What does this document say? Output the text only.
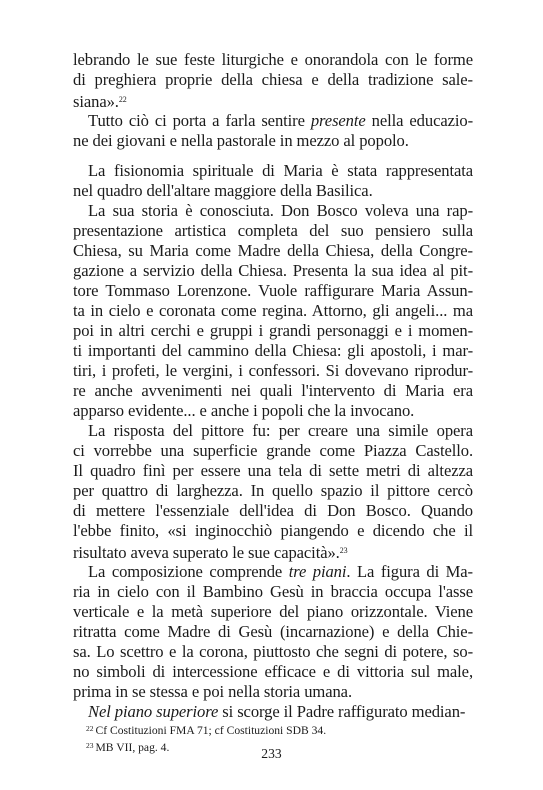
lebrando le sue feste liturgiche e onorandola con le forme
di preghiera proprie della chiesa e della tradizione sale-
siana».$^{22}$
Tutto ciò ci porta a farla sentire presente nella educazio-
ne dei giovani e nella pastorale in mezzo al popolo.
La fisionomia spirituale di Maria è stata rappresentata
nel quadro dell'altare maggiore della Basilica.
La sua storia è conosciuta. Don Bosco voleva una rap-
presentazione artistica completa del suo pensiero sulla
Chiesa, su Maria come Madre della Chiesa, della Congre-
gazione a servizio della Chiesa. Presenta la sua idea al pit-
tore Tommaso Lorenzone. Vuole raffigurare Maria Assun-
ta in cielo e coronata come regina. Attorno, gli angeli... ma
poi in altri cerchi e gruppi i grandi personaggi e i momen-
ti importanti del cammino della Chiesa: gli apostoli, i mar-
tiri, i profeti, le vergini, i confessori. Si dovevano riprodur-
re anche avvenimenti nei quali l'intervento di Maria era
apparso evidente... e anche i popoli che la invocano.
La risposta del pittore fu: per creare una simile opera
ci vorrebbe una superficie grande come Piazza Castello.
Il quadro finì per essere una tela di sette metri di altezza
per quattro di larghezza. In quello spazio il pittore cercò
di mettere l'essenziale dell'idea di Don Bosco. Quando
l'ebbe finito, «si inginocchiò piangendo e dicendo che il
risultato aveva superato le sue capacità».$^{23}$
La composizione comprende tre piani. La figura di Ma-
ria in cielo con il Bambino Gesù in braccia occupa l'asse
verticale e la metà superiore del piano orizzontale. Viene
ritratta come Madre di Gesù (incarnazione) e della Chie-
sa. Lo scettro e la corona, piuttosto che segni di potere, so-
no simboli di intercessione efficace e di vittoria sul male,
prima in se stessa e poi nella storia umana.
Nel piano superiore si scorge il Padre raffigurato median-
$^{22}$ Cf Costituzioni FMA 71; cf Costituzioni SDB 34.
$^{23}$ MB VII, pag. 4.	233
